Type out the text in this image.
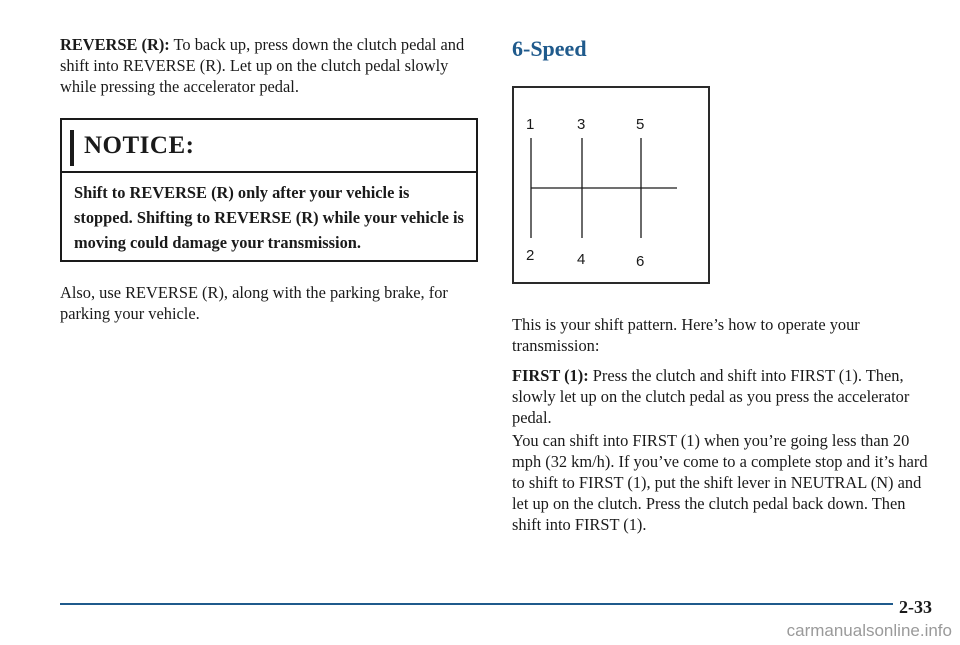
REVERSE (R): To back up, press down the clutch pedal and shift into REVERSE (R). Let up on the clutch pedal slowly while pressing the accelerator pedal.

NOTICE:
Shift to REVERSE (R) only after your vehicle is stopped. Shifting to REVERSE (R) while your vehicle is moving could damage your transmission.

Also, use REVERSE (R), along with the parking brake, for parking your vehicle.

6-Speed
1	3	5
2	4	6

This is your shift pattern. Here’s how to operate your transmission:

FIRST (1): Press the clutch and shift into FIRST (1). Then, slowly let up on the clutch pedal as you press the accelerator pedal.

You can shift into FIRST (1) when you’re going less than 20 mph (32 km/h). If you’ve come to a complete stop and it’s hard to shift to FIRST (1), put the shift lever in NEUTRAL (N) and let up on the clutch. Press the clutch pedal back down. Then shift into FIRST (1).

2-33
carmanualsonline.info
